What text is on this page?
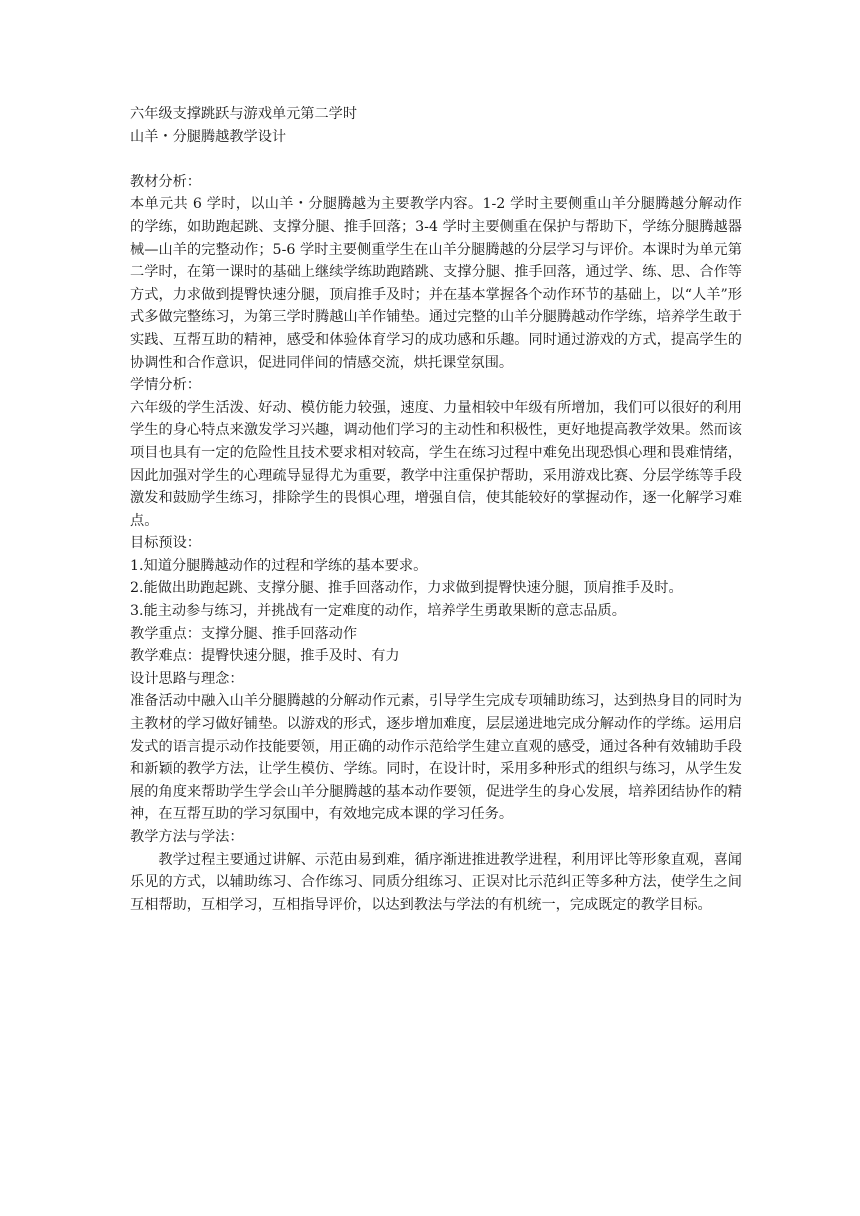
六年级支撑跳跃与游戏单元第二学时
山羊・分腿腾越教学设计
教材分析：

本单元共 6 学时，以山羊・分腿腾越为主要教学内容。1-2 学时主要侧重山羊分腿腾越分解动作的学练，如助跑起跳、支撑分腿、推手回落；3-4 学时主要侧重在保护与帮助下，学练分腿腾越器械—山羊的完整动作；5-6 学时主要侧重学生在山羊分腿腾越的分层学习与评价。本课时为单元第二学时，在第一课时的基础上继续学练助跑踏跳、支撑分腿、推手回落，通过学、练、思、合作等方式，力求做到提臀快速分腿，顶肩推手及时；并在基本掌握各个动作环节的基础上，以“人羊”形式多做完整练习，为第三学时腾越山羊作铺垫。通过完整的山羊分腿腾越动作学练，培养学生敢于实践、互帮互助的精神，感受和体验体育学习的成功感和乐趣。同时通过游戏的方式，提高学生的协调性和合作意识，促进同伴间的情感交流，烘托课堂氛围。

学情分析：

六年级的学生活泼、好动、模仿能力较强，速度、力量相较中年级有所增加，我们可以很好的利用学生的身心特点来激发学习兴趣，调动他们学习的主动性和积极性，更好地提高教学效果。然而该项目也具有一定的危险性且技术要求相对较高，学生在练习过程中难免出现恐惧心理和畏难情绪，因此加强对学生的心理疏导显得尤为重要，教学中注重保护帮助，采用游戏比赛、分层学练等手段激发和鼓励学生练习，排除学生的畏惧心理，增强自信，使其能较好的掌握动作，逐一化解学习难点。

目标预设：
1.知道分腿腾越动作的过程和学练的基本要求。
2.能做出助跑起跳、支撑分腿、推手回落动作，力求做到提臀快速分腿，顶肩推手及时。
3.能主动参与练习，并挑战有一定难度的动作，培养学生勇敢果断的意志品质。
教学重点：支撑分腿、推手回落动作
教学难点：提臀快速分腿，推手及时、有力
设计思路与理念：

准备活动中融入山羊分腿腾越的分解动作元素，引导学生完成专项辅助练习，达到热身目的同时为主教材的学习做好铺垫。以游戏的形式，逐步增加难度，层层递进地完成分解动作的学练。运用启发式的语言提示动作技能要领，用正确的动作示范给学生建立直观的感受，通过各种有效辅助手段和新颖的教学方法，让学生模仿、学练。同时，在设计时，采用多种形式的组织与练习，从学生发展的角度来帮助学生学会山羊分腿腾越的基本动作要领，促进学生的身心发展，培养团结协作的精神，在互帮互助的学习氛围中，有效地完成本课的学习任务。

教学方法与学法：

教学过程主要通过讲解、示范由易到难，循序渐进推进教学进程，利用评比等形象直观，喜闻乐见的方式，以辅助练习、合作练习、同质分组练习、正误对比示范纠正等多种方法，使学生之间互相帮助，互相学习，互相指导评价，以达到教法与学法的有机统一，完成既定的教学目标。
